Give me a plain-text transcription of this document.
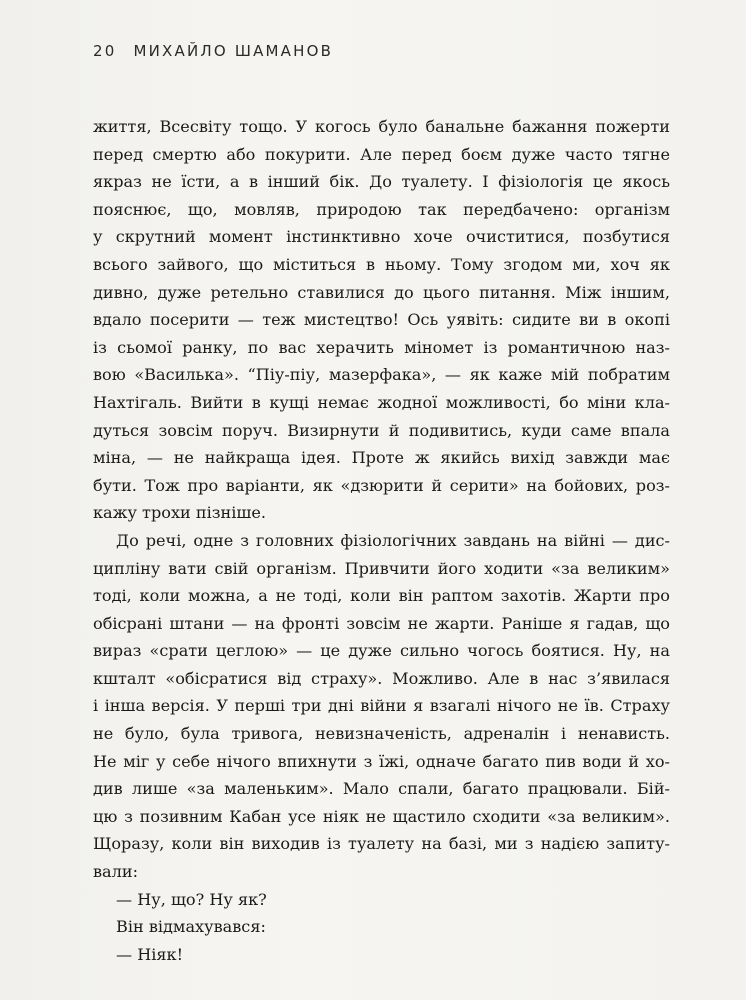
20 МИХАЙЛО ШАМАНОВ
життя, Всесвіту тощо. У когось було банальне бажання пожерти
перед смертю або покурити. Але перед боєм дуже часто тягне
якраз не їсти, а в інший бік. До туалету. І фізіологія це якось
пояснює, що, мовляв, природою так передбачено: організм
у скрутний момент інстинктивно хоче очиститися, позбутися
всього зайвого, що міститься в ньому. Тому згодом ми, хоч як
дивно, дуже ретельно ставилися до цього питання. Між іншим,
вдало посерити — теж мистецтво! Ось уявіть: сидите ви в окопі
із сьомої ранку, по вас херачить міномет із романтичною наз-
вою «Василька». “Піу-піу, мазерфака», — як каже мій побратим
Нахтігаль. Вийти в кущі немає жодної можливості, бо міни кла-
дуться зовсім поруч. Визирнути й подивитись, куди саме впала
міна, — не найкраща ідея. Проте ж якийсь вихід завжди має
бути. Тож про варіанти, як «дзюрити й серити» на бойових, роз-
кажу трохи пізніше.
До речі, одне з головних фізіологічних завдань на війні — дис-
ципліну вати свій організм. Привчити його ходити «за великим»
тоді, коли можна, а не тоді, коли він раптом захотів. Жарти про
обісрані штани — на фронті зовсім не жарти. Раніше я гадав, що
вираз «срати цеглою» — це дуже сильно чогось боятися. Ну, на
кшталт «обісратися від страху». Можливо. Але в нас з’явилася
і інша версія. У перші три дні війни я взагалі нічого не їв. Страху
не було, була тривога, невизначеність, адреналін і ненависть.
Не міг у себе нічого впихнути з їжі, одначе багато пив води й хо-
див лише «за маленьким». Мало спали, багато працювали. Бій-
цю з позивним Кабан усе ніяк не щастило сходити «за великим».
Щоразу, коли він виходив із туалету на базі, ми з надією запиту-
вали:
— Ну, що? Ну як?
Він відмахувався:
— Ніяк!
